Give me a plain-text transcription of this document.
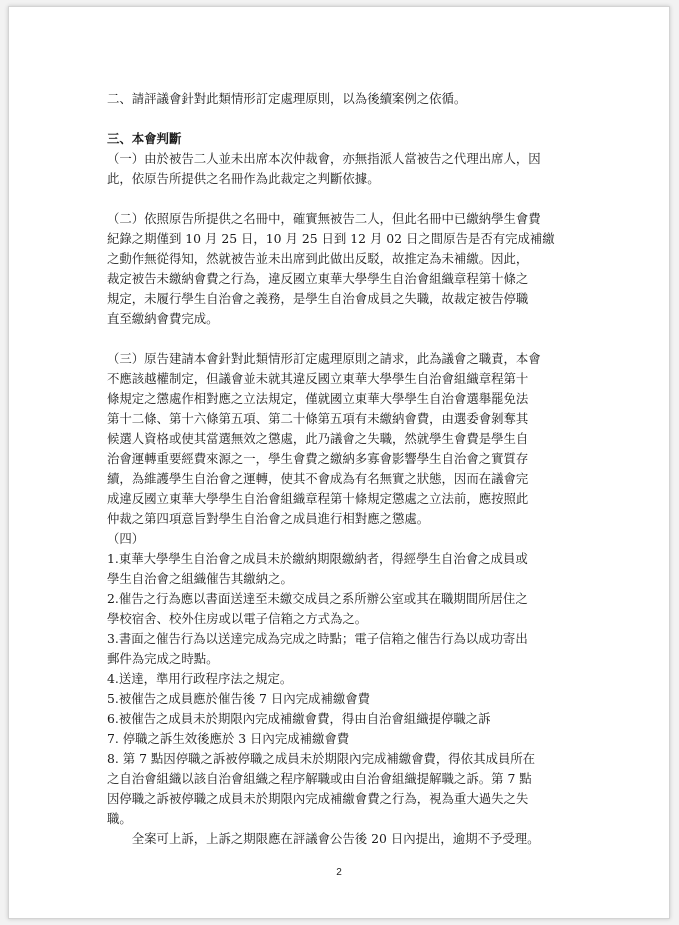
二、請評議會針對此類情形訂定處理原則，以為後續案例之依循。

三、本會判斷

（一）由於被告二人並未出席本次仲裁會，亦無指派人當被告之代理出席人，因
此，依原告所提供之名冊作為此裁定之判斷依據。

（二）依照原告所提供之名冊中，確實無被告二人，但此名冊中已繳納學生會費
紀錄之期僅到 10 月 25 日，10 月 25 日到 12 月 02 日之間原告是否有完成補繳
之動作無從得知，然就被告並未出席到此做出反駁，故推定為未補繳。因此，
裁定被告未繳納會費之行為，違反國立東華大學學生自治會組織章程第十條之
規定，未履行學生自治會之義務，是學生自治會成員之失職，故裁定被告停職
直至繳納會費完成。

（三）原告建請本會針對此類情形訂定處理原則之請求，此為議會之職責，本會
不應該越權制定，但議會並未就其違反國立東華大學學生自治會組織章程第十
條規定之懲處作相對應之立法規定，僅就國立東華大學學生自治會選舉罷免法
第十二條、第十六條第五項、第二十條第五項有未繳納會費，由選委會剝奪其
候選人資格或使其當選無效之懲處，此乃議會之失職，然就學生會費是學生自
治會運轉重要經費來源之一，學生會費之繳納多寡會影響學生自治會之實質存
續，為維護學生自治會之運轉，使其不會成為有名無實之狀態，因而在議會完
成違反國立東華大學學生自治會組織章程第十條規定懲處之立法前，應按照此
仲裁之第四項意旨對學生自治會之成員進行相對應之懲處。

（四）

1.東華大學學生自治會之成員未於繳納期限繳納者，得經學生自治會之成員或
學生自治會之組織催告其繳納之。

2.催告之行為應以書面送達至未繳交成員之系所辦公室或其在職期間所居住之
學校宿舍、校外住房或以電子信箱之方式為之。

3.書面之催告行為以送達完成為完成之時點；電子信箱之催告行為以成功寄出
郵件為完成之時點。

4.送達，準用行政程序法之規定。

5.被催告之成員應於催告後 7 日內完成補繳會費

6.被催告之成員未於期限內完成補繳會費，得由自治會組織提停職之訴

7. 停職之訴生效後應於 3 日內完成補繳會費

8. 第 7 點因停職之訴被停職之成員未於期限內完成補繳會費，得依其成員所在
之自治會組織以該自治會組織之程序解職或由自治會組織提解職之訴。第 7 點
因停職之訴被停職之成員未於期限內完成補繳會費之行為，視為重大過失之失
職。

　　全案可上訴，上訴之期限應在評議會公告後 20 日內提出，逾期不予受理。

2
